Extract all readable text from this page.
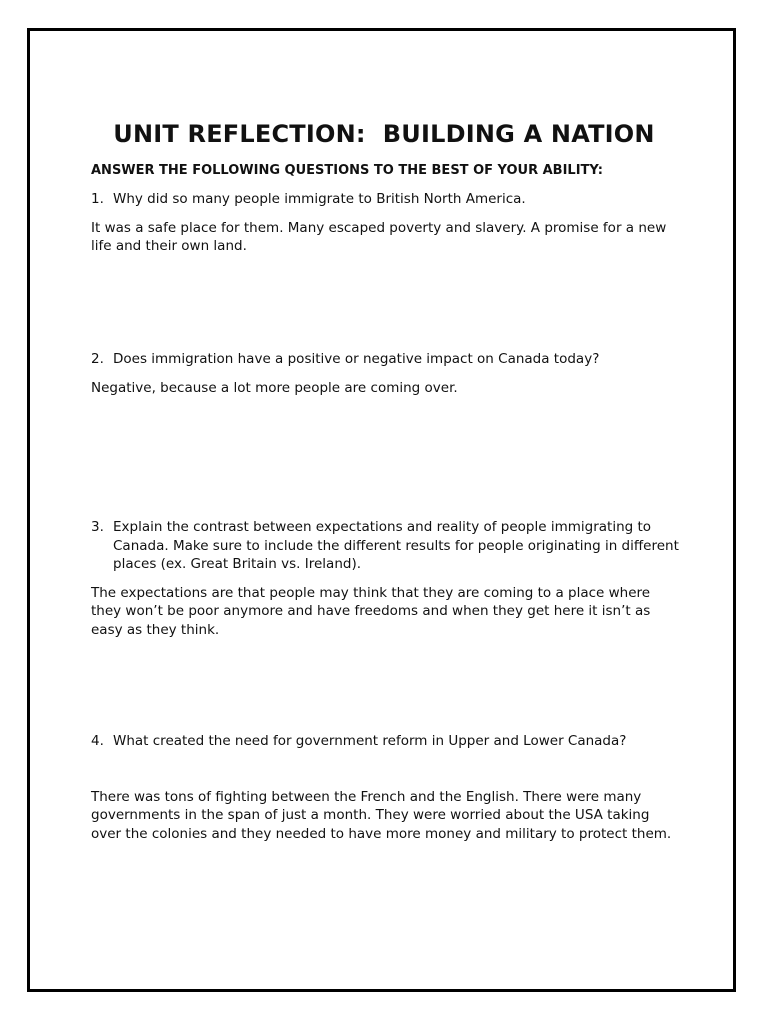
UNIT REFLECTION:  BUILDING A NATION
ANSWER THE FOLLOWING QUESTIONS TO THE BEST OF YOUR ABILITY:
1. Why did so many people immigrate to British North America.
It was a safe place for them. Many escaped poverty and slavery. A promise for a new life and their own land.
2. Does immigration have a positive or negative impact on Canada today?
Negative, because a lot more people are coming over.
3. Explain the contrast between expectations and reality of people immigrating to Canada. Make sure to include the different results for people originating in different places (ex. Great Britain vs. Ireland).
The expectations are that people may think that they are coming to a place where they won’t be poor anymore and have freedoms and when they get here it isn’t as easy as they think.
4. What created the need for government reform in Upper and Lower Canada?
There was tons of fighting between the French and the English. There were many governments in the span of just a month. They were worried about the USA taking over the colonies and they needed to have more money and military to protect them.
